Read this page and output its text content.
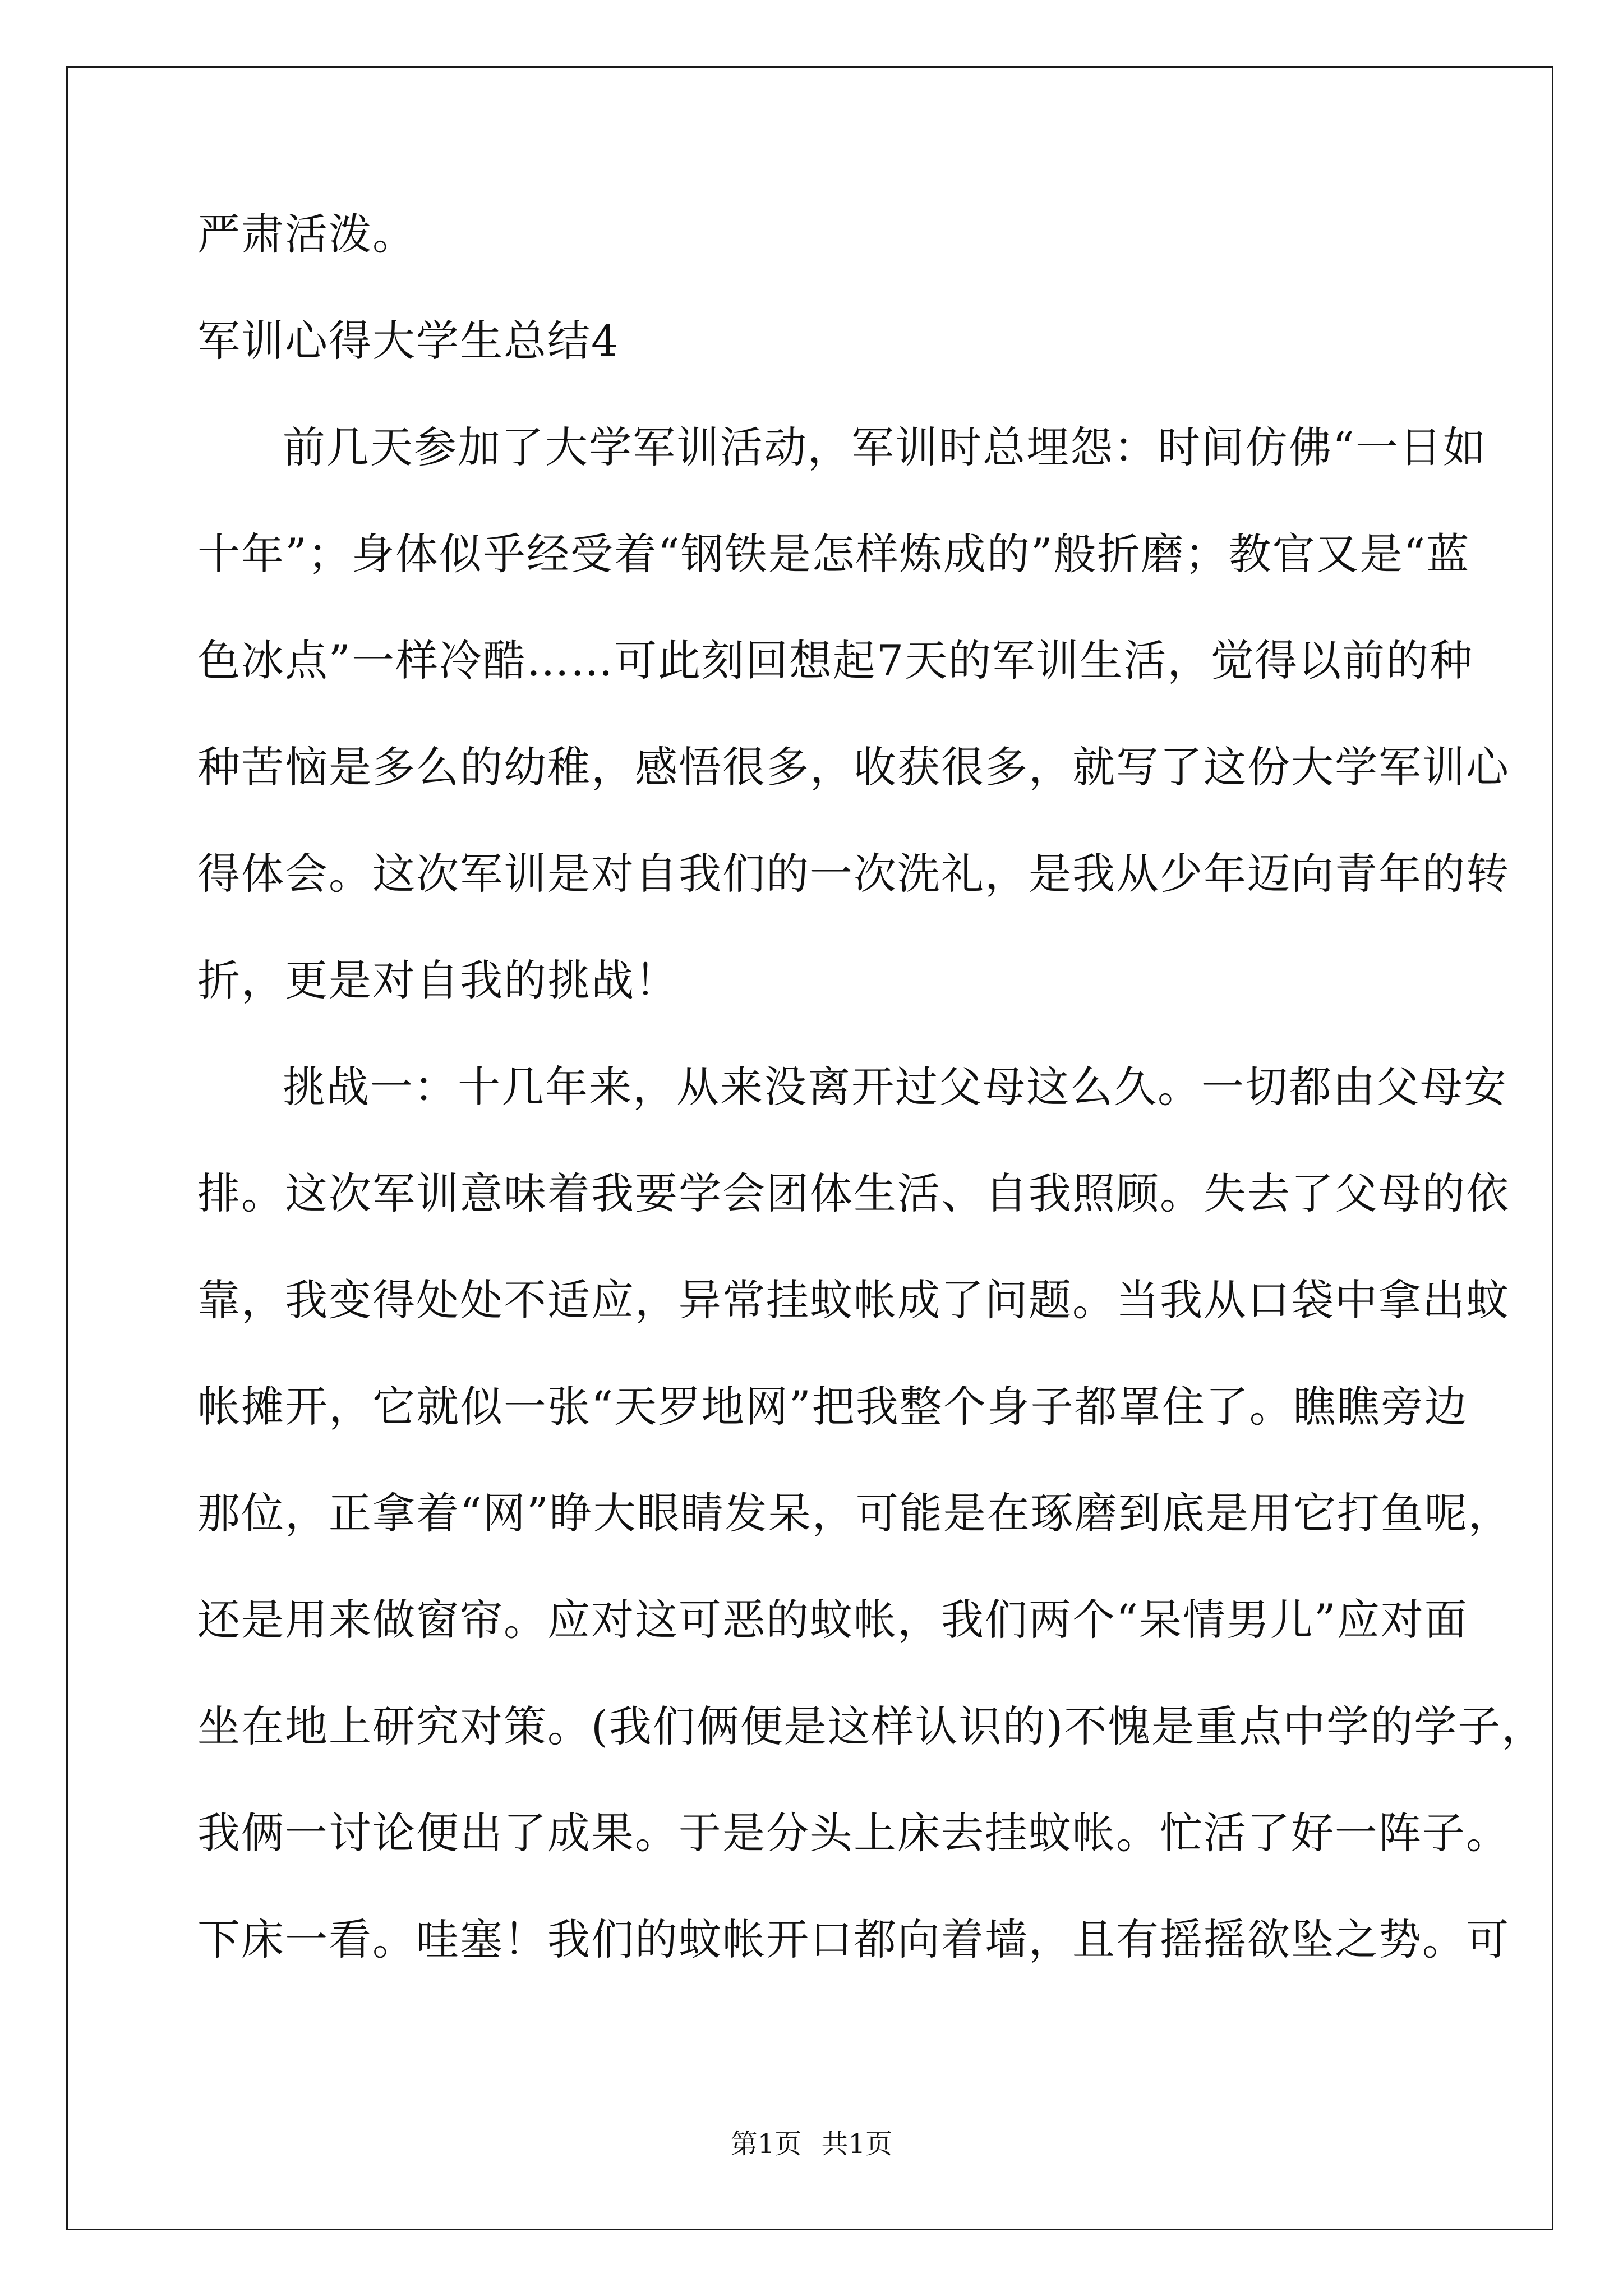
严肃活泼。
军训心得大学生总结4
前几天参加了大学军训活动，军训时总埋怨：时间仿佛“一日如
十年”；身体似乎经受着“钢铁是怎样炼成的”般折磨；教官又是“蓝
色冰点”一样冷酷……可此刻回想起7天的军训生活，觉得以前的种
种苦恼是多么的幼稚，感悟很多，收获很多，就写了这份大学军训心
得体会。这次军训是对自我们的一次洗礼，是我从少年迈向青年的转
折，更是对自我的挑战！
挑战一：十几年来，从来没离开过父母这么久。一切都由父母安
排。这次军训意味着我要学会团体生活、自我照顾。失去了父母的依
靠，我变得处处不适应，异常挂蚊帐成了问题。当我从口袋中拿出蚊
帐摊开，它就似一张“天罗地网”把我整个身子都罩住了。瞧瞧旁边
那位，正拿着“网”睁大眼睛发呆，可能是在琢磨到底是用它打鱼呢，
还是用来做窗帘。应对这可恶的蚊帐，我们两个“呆情男儿”应对面
坐在地上研究对策。(我们俩便是这样认识的)不愧是重点中学的学子，
我俩一讨论便出了成果。于是分头上床去挂蚊帐。忙活了好一阵子。
下床一看。哇塞！我们的蚊帐开口都向着墙，且有摇摇欲坠之势。可
第1页 共1页
